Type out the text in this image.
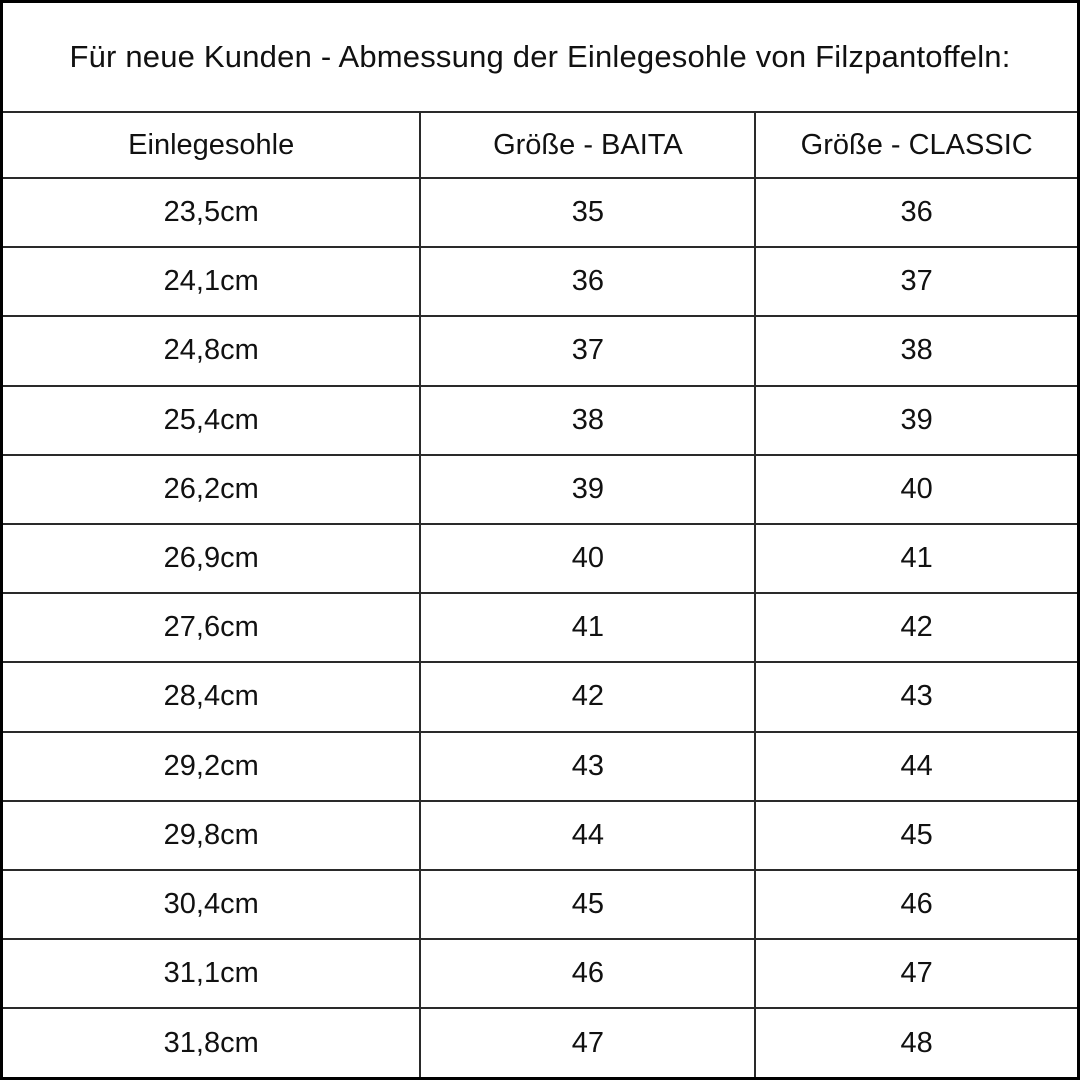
Für neue Kunden - Abmessung der Einlegesohle von Filzpantoffeln:		
Einlegesohle	Größe - BAITA	Größe - CLASSIC
23,5cm	35	36
24,1cm	36	37
24,8cm	37	38
25,4cm	38	39
26,2cm	39	40
26,9cm	40	41
27,6cm	41	42
28,4cm	42	43
29,2cm	43	44
29,8cm	44	45
30,4cm	45	46
31,1cm	46	47
31,8cm	47	48
